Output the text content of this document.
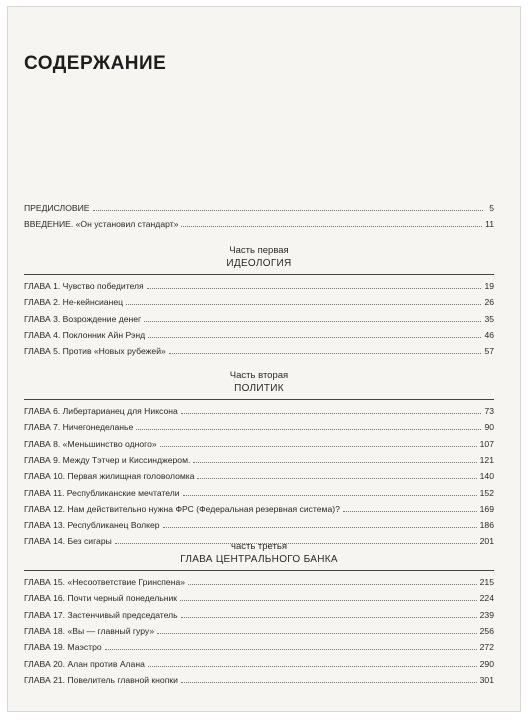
СОДЕРЖАНИЕ
ПРЕДИСЛОВИЕ	5
ВВЕДЕНИЕ. «Он установил стандарт»	11
Часть первая
ИДЕОЛОГИЯ
ГЛАВА 1. Чувство победителя	19
ГЛАВА 2. Не-кейнсианец	26
ГЛАВА 3. Возрождение денег	35
ГЛАВА 4. Поклонник Айн Рэнд	46
ГЛАВА 5. Против «Новых рубежей»	57
Часть вторая
ПОЛИТИК
ГЛАВА 6. Либертарианец для Никсона	73
ГЛАВА 7. Ничегонеделанье	90
ГЛАВА 8. «Меньшинство одного»	107
ГЛАВА 9. Между Тэтчер и Киссинджером.	121
ГЛАВА 10. Первая жилищная головоломка	140
ГЛАВА 11. Республиканские мечтатели	152
ГЛАВА 12. Нам действительно нужна ФРС (Федеральная резервная система)?	169
ГЛАВА 13. Республиканец Волкер	186
ГЛАВА 14. Без сигары	201
часть третья
ГЛАВА ЦЕНТРАЛЬНОГО БАНКА
ГЛАВА 15. «Несоответствие Гринспена»	215
ГЛАВА 16. Почти черный понедельник	224
ГЛАВА 17. Застенчивый председатель	239
ГЛАВА 18. «Вы — главный гуру»	256
ГЛАВА 19. Маэстро	272
ГЛАВА 20. Алан против Алана	290
ГЛАВА 21. Повелитель главной кнопки	301
